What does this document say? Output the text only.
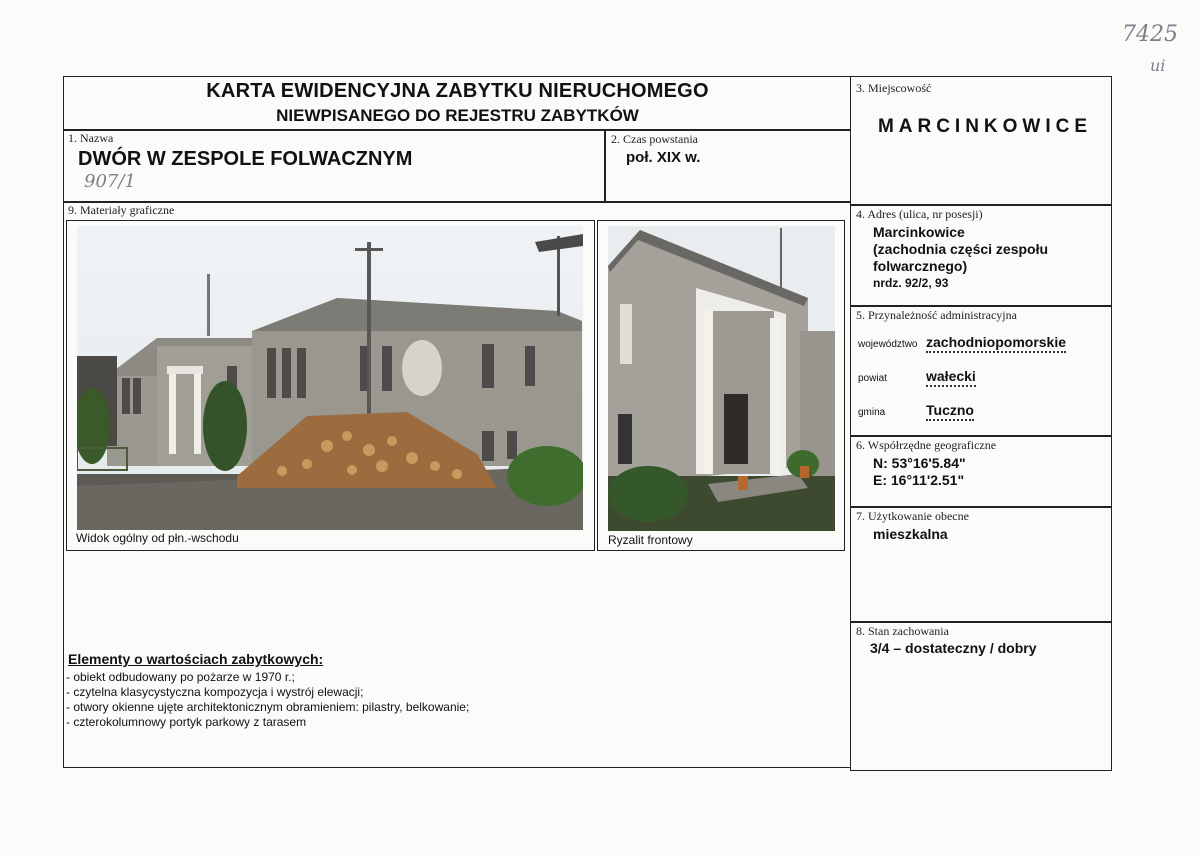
7425
ui
KARTA EWIDENCYJNA ZABYTKU NIERUCHOMEGO
NIEWPISANEGO DO REJESTRU ZABYTKÓW
1. Nazwa
DWÓR W ZESPOLE FOLWACZNYM
907/1
2. Czas powstania
poł. XIX w.
3. Miejscowość
MARCINKOWICE
4. Adres (ulica, nr posesji)
Marcinkowice
(zachodnia części zespołu
folwarcznego)
nrdz. 92/2, 93
5. Przynależność administracyjna
województwo zachodniopomorskie
powiat	wałecki
gmina	Tuczno
6. Współrzędne geograficzne
N: 53°16'5.84"
E: 16°11'2.51"
7. Użytkowanie obecne
mieszkalna
8. Stan zachowania
3/4 – dostateczny / dobry
9. Materiały graficzne
Widok ogólny od płn.-wschodu	Ryzalit frontowy
Elementy o wartościach zabytkowych:
- obiekt odbudowany po pożarze w 1970 r.;
- czytelna klasycystyczna kompozycja i wystrój elewacji;
- otwory okienne ujęte architektonicznym obramieniem: pilastry, belkowanie;
- czterokolumnowy portyk parkowy z tarasem
